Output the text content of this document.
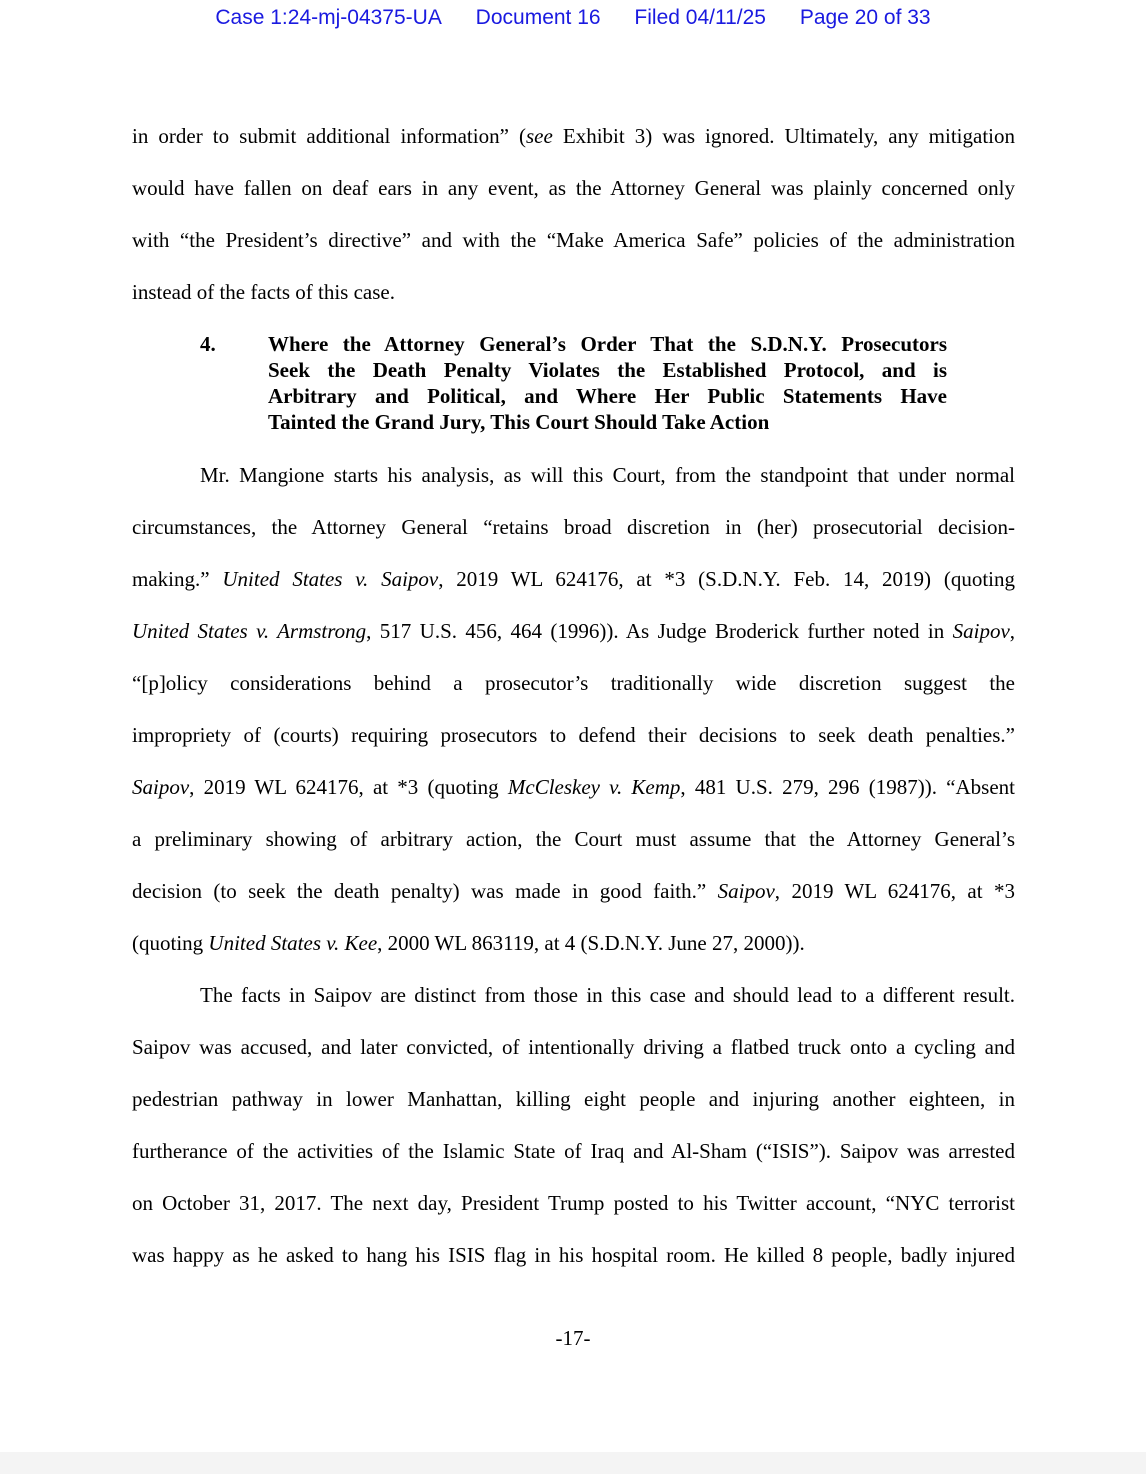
Case 1:24-mj-04375-UA Document 16 Filed 04/11/25 Page 20 of 33
in order to submit additional information” (see Exhibit 3) was ignored. Ultimately, any mitigation
would have fallen on deaf ears in any event, as the Attorney General was plainly concerned only
with “the President’s directive” and with the “Make America Safe” policies of the administration
instead of the facts of this case.
4. Where the Attorney General’s Order That the S.D.N.Y. Prosecutors
Seek the Death Penalty Violates the Established Protocol, and is
Arbitrary and Political, and Where Her Public Statements Have
Tainted the Grand Jury, This Court Should Take Action
Mr. Mangione starts his analysis, as will this Court, from the standpoint that under normal
circumstances, the Attorney General “retains broad discretion in (her) prosecutorial decision-
making.” United States v. Saipov, 2019 WL 624176, at *3 (S.D.N.Y. Feb. 14, 2019) (quoting
United States v. Armstrong, 517 U.S. 456, 464 (1996)). As Judge Broderick further noted in Saipov,
“[p]olicy considerations behind a prosecutor’s traditionally wide discretion suggest the
impropriety of (courts) requiring prosecutors to defend their decisions to seek death penalties.”
Saipov, 2019 WL 624176, at *3 (quoting McCleskey v. Kemp, 481 U.S. 279, 296 (1987)). “Absent
a preliminary showing of arbitrary action, the Court must assume that the Attorney General’s
decision (to seek the death penalty) was made in good faith.” Saipov, 2019 WL 624176, at *3
(quoting United States v. Kee, 2000 WL 863119, at 4 (S.D.N.Y. June 27, 2000)).
The facts in Saipov are distinct from those in this case and should lead to a different result.
Saipov was accused, and later convicted, of intentionally driving a flatbed truck onto a cycling and
pedestrian pathway in lower Manhattan, killing eight people and injuring another eighteen, in
furtherance of the activities of the Islamic State of Iraq and Al-Sham (“ISIS”). Saipov was arrested
on October 31, 2017. The next day, President Trump posted to his Twitter account, “NYC terrorist
was happy as he asked to hang his ISIS flag in his hospital room. He killed 8 people, badly injured
-17-
